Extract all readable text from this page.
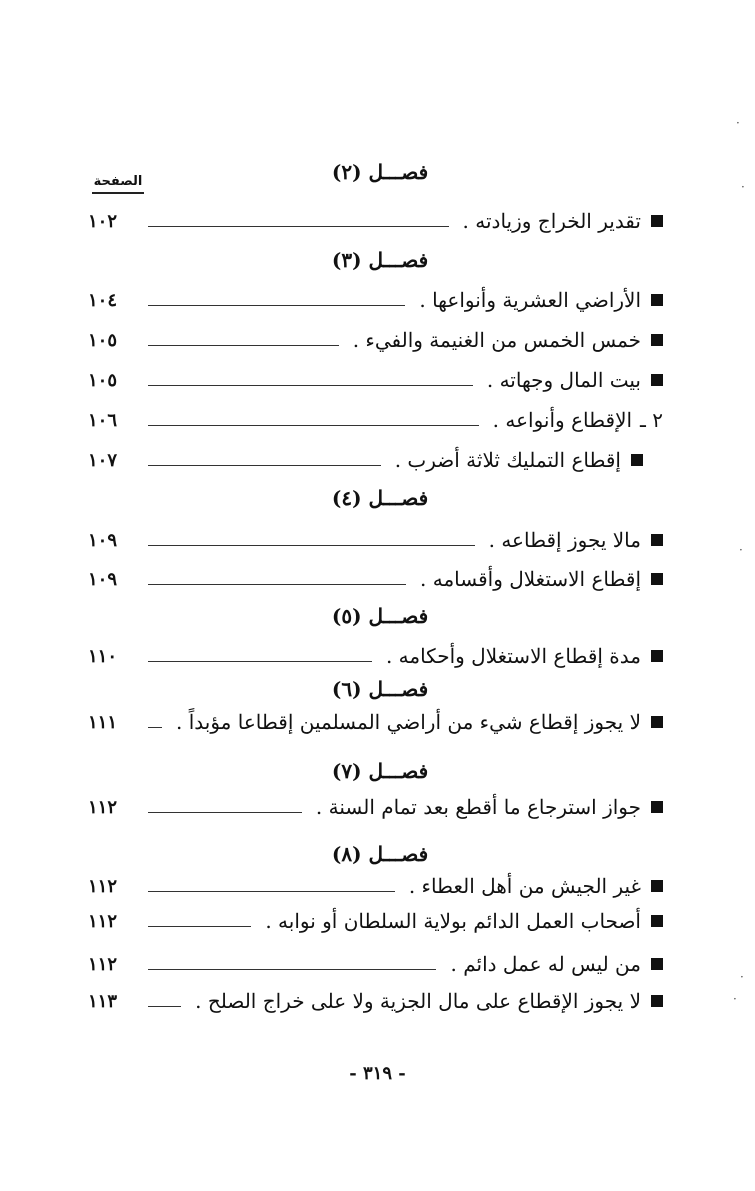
الصفحة	فصـــل (٢)
تقدير الخراج وزيادته .
١٠٢
فصـــل (٣)
الأراضي العشرية وأنواعها .
١٠٤
خمس الخمس من الغنيمة والفيء .
١٠٥
بيت المال وجهاته .
١٠٥
٢ ـ
الإقطاع وأنواعه .
١٠٦
إقطاع التمليك ثلاثة أضرب .
١٠٧
فصـــل (٤)
مالا يجوز إقطاعه .
١٠٩
إقطاع الاستغلال وأقسامه .
١٠٩
فصـــل (٥)
مدة إقطاع الاستغلال وأحكامه .
١١٠
فصـــل (٦)
لا يجوز إقطاع شيء من أراضي المسلمين إقطاعا مؤبداً .
١١١
فصـــل (٧)
جواز استرجاع ما أقطع بعد تمام السنة .
١١٢
فصـــل (٨)
غير الجيش من أهل العطاء .
١١٢
أصحاب العمل الدائم بولاية السلطان أو نوابه .
١١٢
من ليس له عمل دائم .
١١٢
لا يجوز الإقطاع على مال الجزية ولا على خراج الصلح .
١١٣
- ٣١٩ -
·
·
·
·
·
